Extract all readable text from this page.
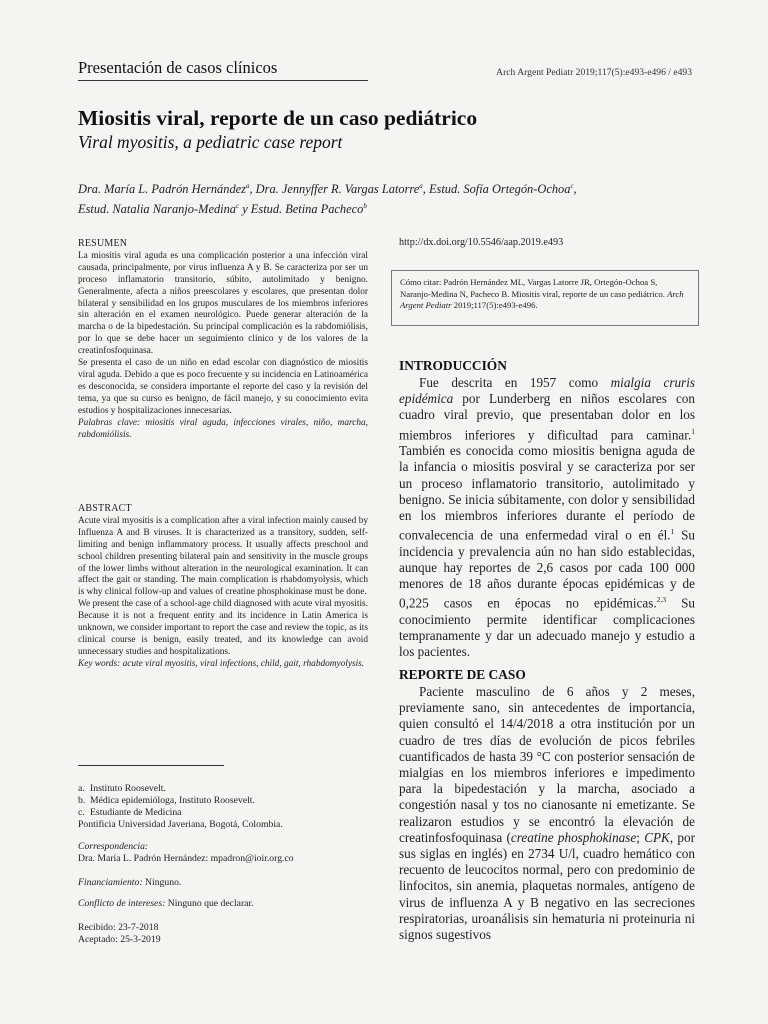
Presentación de casos clínicos	Arch Argent Pediatr 2019;117(5):e493-e496 / e493
Miositis viral, reporte de un caso pediátrico
Viral myositis, a pediatric case report
Dra. María L. Padrón Hernández$^a$, Dra. Jennyffer R. Vargas Latorre$^a$, Estud. Sofía Ortegón-Ochoa$^c$,
Estud. Natalia Naranjo-Medina$^c$ y Estud. Betina Pacheco$^b$
RESUMEN

La miositis viral aguda es una complicación posterior a una infección viral causada, principalmente, por virus influenza A y B. Se caracteriza por ser un proceso inflamatorio transitorio, súbito, autolimitado y benigno. Generalmente, afecta a niños preescolares y escolares, que presentan dolor bilateral y sensibilidad en los grupos musculares de los miembros inferiores sin alteración en el examen neurológico. Puede generar alteración de la marcha o de la bipedestación. Su principal complicación es la rabdomiólisis, por lo que se debe hacer un seguimiento clínico y de los valores de la creatinfosfoquinasa.

Se presenta el caso de un niño en edad escolar con diagnóstico de miositis viral aguda. Debido a que es poco frecuente y su incidencia en Latinoamérica es desconocida, se considera importante el reporte del caso y la revisión del tema, ya que su curso es benigno, de fácil manejo, y su conocimiento evita estudios y hospitalizaciones innecesarias.

Palabras clave: miositis viral aguda, infecciones virales, niño, marcha, rabdomiólisis.

ABSTRACT

Acute viral myositis is a complication after a viral infection mainly caused by Influenza A and B viruses. It is characterized as a transitory, sudden, self-limiting and benign inflammatory process. It usually affects preschool and school children presenting bilateral pain and sensitivity in the muscle groups of the lower limbs without alteration in the neurological examination. It can affect the gait or standing. The main complication is rhabdomyolysis, which is why clinical follow-up and values of creatine phosphokinase must be done.

We present the case of a school-age child diagnosed with acute viral myositis. Because it is not a frequent entity and its incidence in Latin America is unknown, we consider important to report the case and review the topic, as its clinical course is benign, easily treated, and its knowledge can avoid unnecessary studies and hospitalizations.

Key words: acute viral myositis, viral infections, child, gait, rhabdomyolysis.

http://dx.doi.org/10.5546/aap.2019.e493
Cómo citar: Padrón Hernández ML, Vargas Latorre JR, Ortegón-Ochoa S, Naranjo-Medina N, Pacheco B. Miositis viral, reporte de un caso pediátrico. Arch Argent Pediatr 2019;117(5):e493-e496.
INTRODUCCIÓN

Fue descrita en 1957 como mialgia cruris epidémica por Lunderberg en niños escolares con cuadro viral previo, que presentaban dolor en los miembros inferiores y dificultad para caminar.$^1$ También es conocida como miositis benigna aguda de la infancia o miositis posviral y se caracteriza por ser un proceso inflamatorio transitorio, autolimitado y benigno. Se inicia súbitamente, con dolor y sensibilidad en los miembros inferiores durante el período de convalecencia de una enfermedad viral o en él.$^1$ Su incidencia y prevalencia aún no han sido establecidas, aunque hay reportes de 2,6 casos por cada 100 000 menores de 18 años durante épocas epidémicas y de 0,225 casos en épocas no epidémicas.$^{2,3}$ Su conocimiento permite identificar complicaciones tempranamente y dar un adecuado manejo y estudio a los pacientes.

REPORTE DE CASO

Paciente masculino de 6 años y 2 meses, previamente sano, sin antecedentes de importancia, quien consultó el 14/4/2018 a otra institución por un cuadro de tres días de evolución de picos febriles cuantificados de hasta 39 °C con posterior sensación de mialgias en los miembros inferiores e impedimento para la bipedestación y la marcha, asociado a congestión nasal y tos no cianosante ni emetizante. Se realizaron estudios y se encontró la elevación de creatinfosfoquinasa (creatine phosphokinase; CPK, por sus siglas en inglés) en 2734 U/l, cuadro hemático con recuento de leucocitos normal, pero con predominio de linfocitos, sin anemia, plaquetas normales, antígeno de virus de influenza A y B negativo en las secreciones respiratorias, uroanálisis sin hematuria ni proteinuria ni signos sugestivos

a. Instituto Roosevelt.
b. Médica epidemióloga, Instituto Roosevelt.
c. Estudiante de Medicina
Pontificia Universidad Javeriana, Bogotá, Colombia.
Correspondencia:
Dra. María L. Padrón Hernández: mpadron@ioir.org.co
Financiamiento: Ninguno.
Conflicto de intereses: Ninguno que declarar.
Recibido: 23-7-2018
Aceptado: 25-3-2019
